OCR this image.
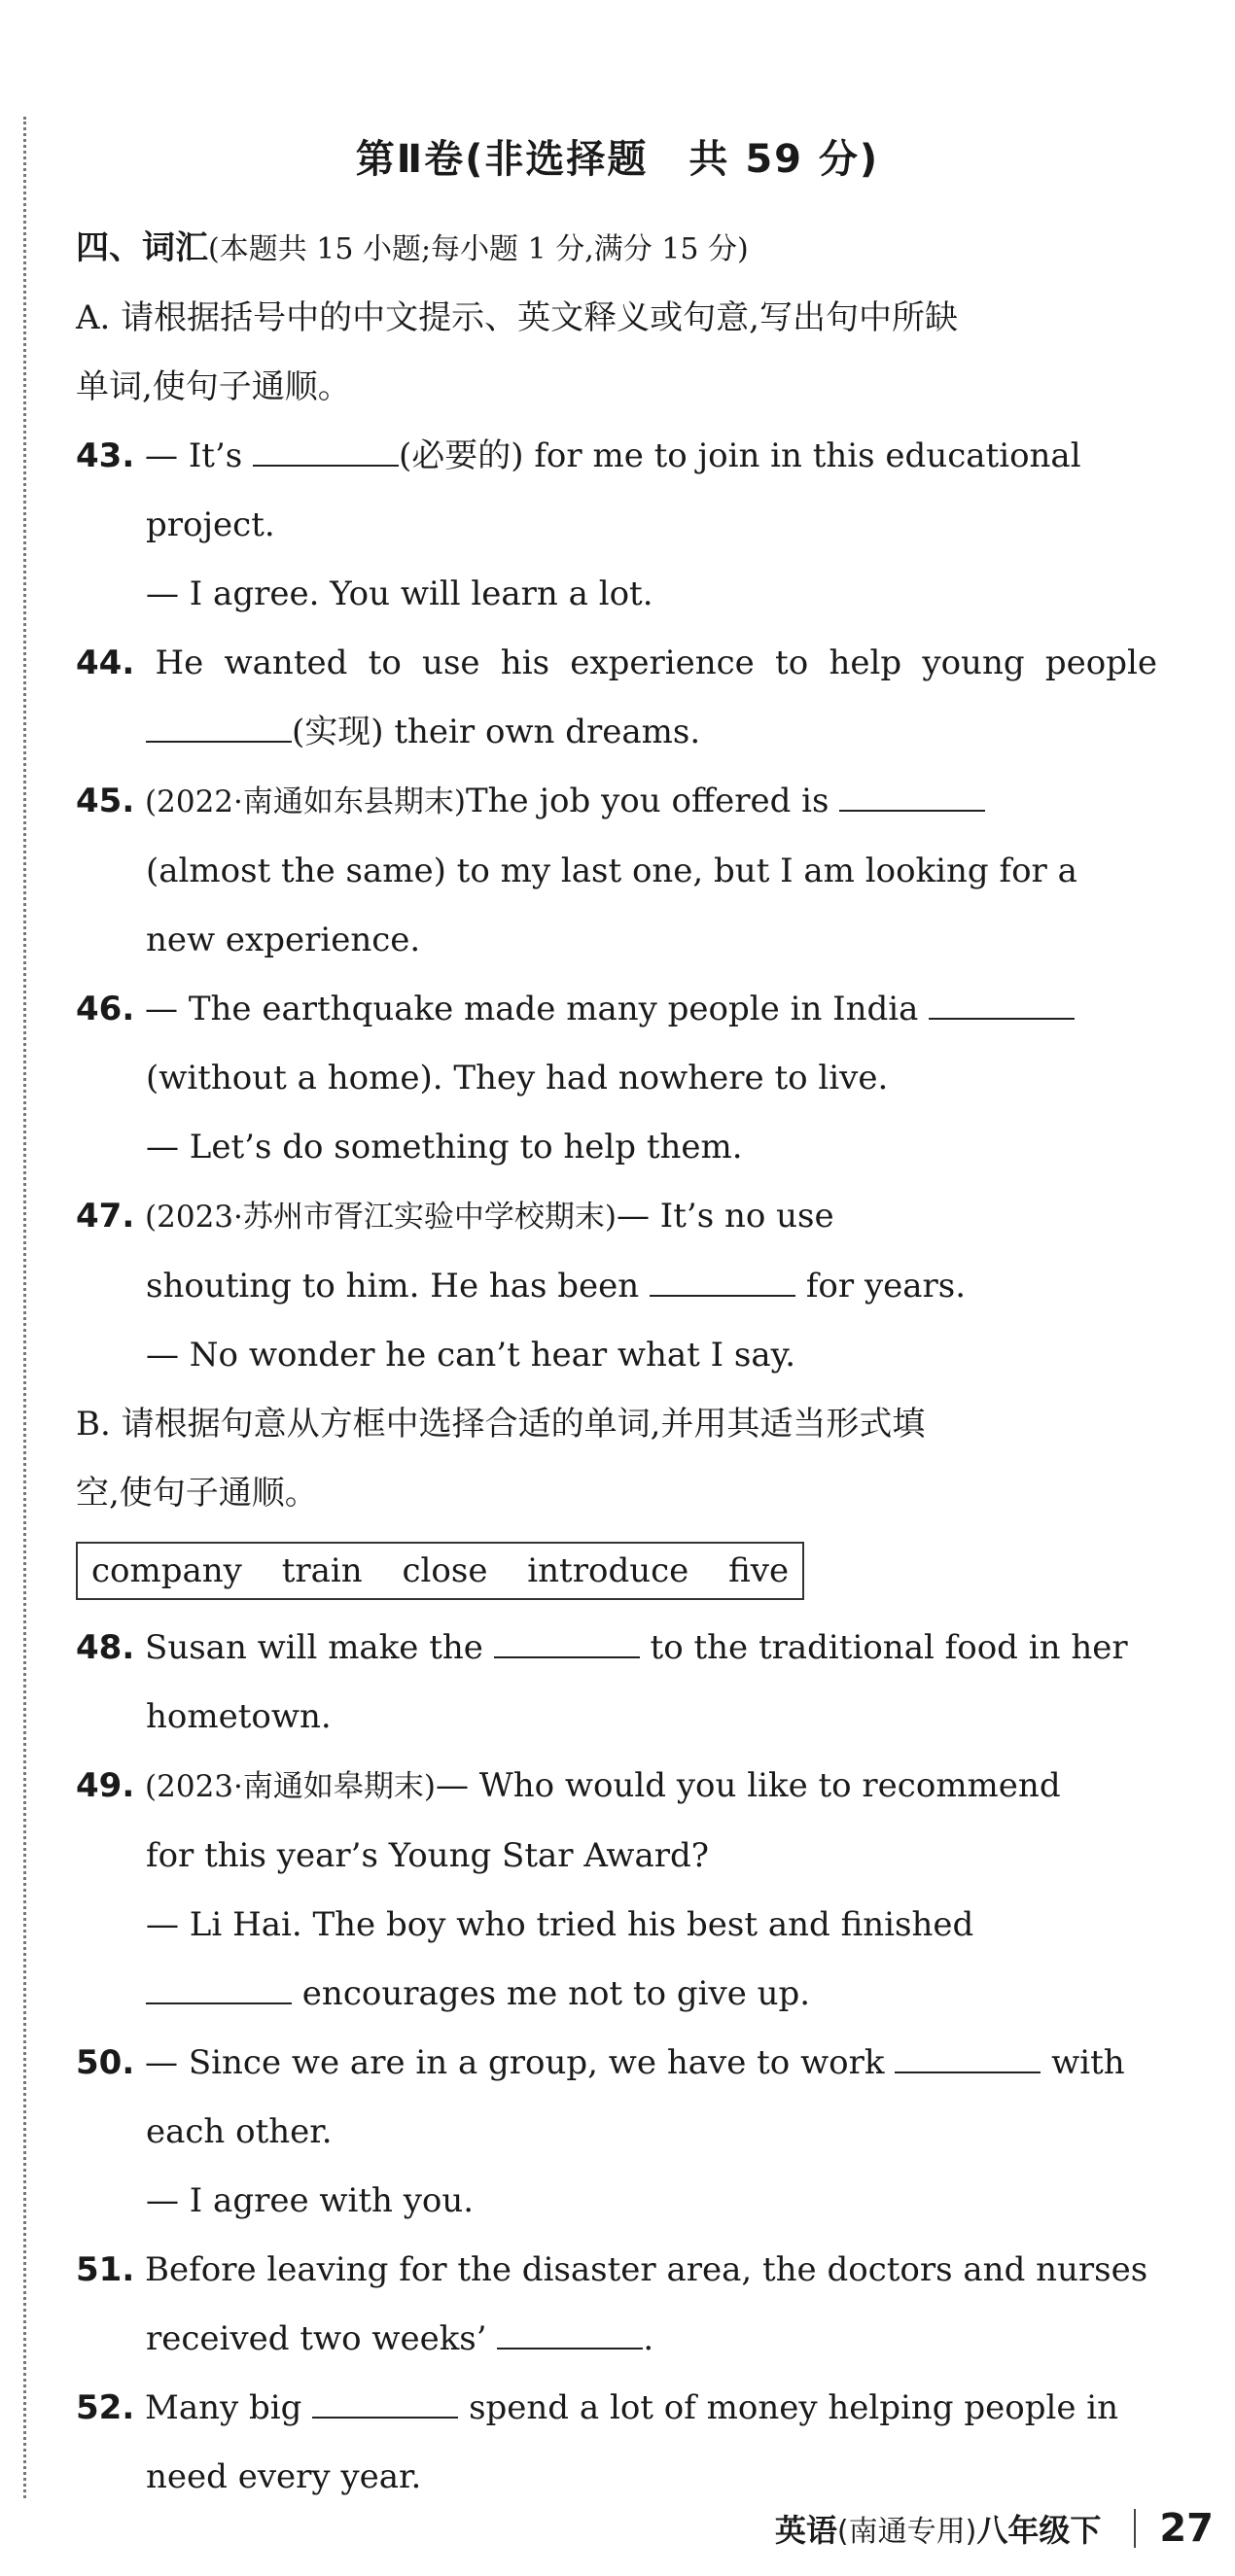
第Ⅱ卷(非选择题　共 59 分)
四、词汇(本题共 15 小题;每小题 1 分,满分 15 分)
A. 请根据括号中的中文提示、英文释义或句意,写出句中所缺
单词,使句子通顺。
43. — It’s	(必要的) for me to join in this educational
project.
— I agree. You will learn a lot.
44. He wanted to use his experience to help young people
(实现) their own dreams.
45. (2022·南通如东县期末)The job you offered is
(almost the same) to my last one, but I am looking for a
new experience.
46. — The earthquake made many people in India
(without a home). They had nowhere to live.
— Let’s do something to help them.
47. (2023·苏州市胥江实验中学校期末)— It’s no use
shouting to him. He has been	for years.
— No wonder he can’t hear what I say.
B. 请根据句意从方框中选择合适的单词,并用其适当形式填
空,使句子通顺。
company train close introduce five
48. Susan will make the	to the traditional food in her
hometown.
49. (2023·南通如皋期末)— Who would you like to recommend
for this year’s Young Star Award?
— Li Hai. The boy who tried his best and finished
encourages me not to give up.
50. — Since we are in a group, we have to work	with
each other.
— I agree with you.
51. Before leaving for the disaster area, the doctors and nurses
received two weeks’	.
52. Many big	spend a lot of money helping people in
need every year.
英语(南通专用)八年级下 27
